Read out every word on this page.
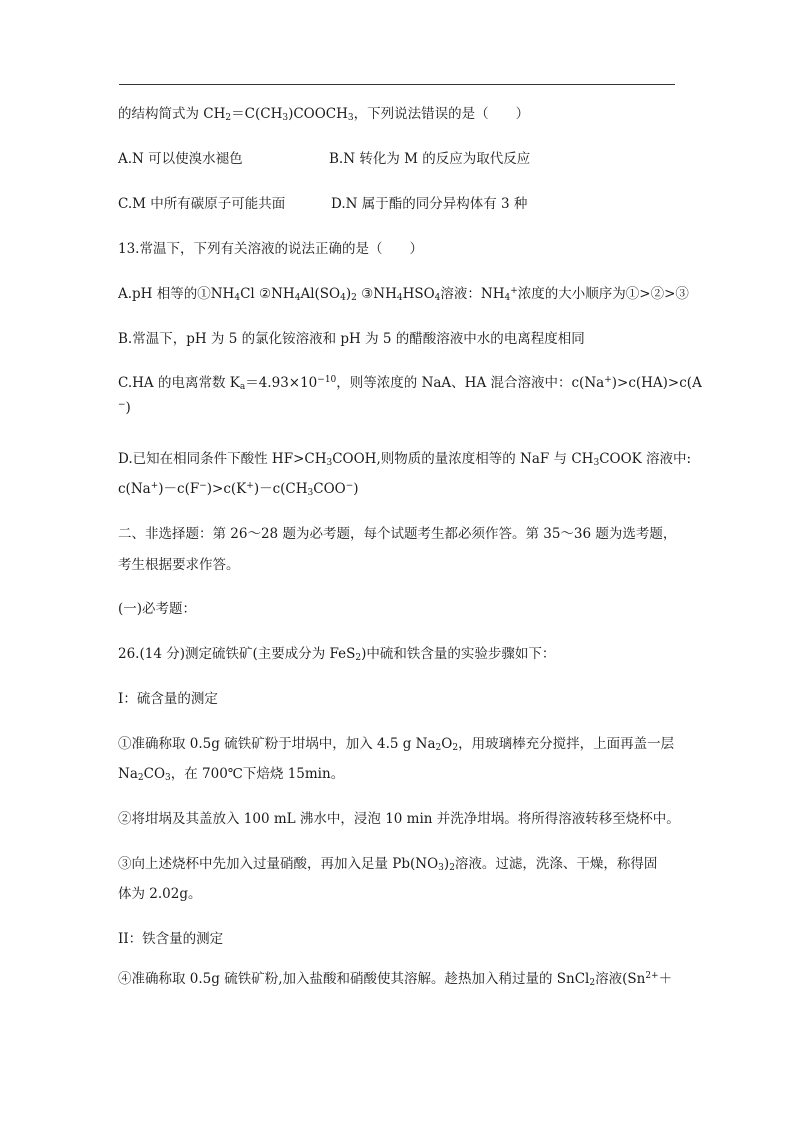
的结构简式为 $CH_2=C(CH_3)COOCH_3$，下列说法错误的是（　　）
A.N 可以使溴水褪色	B.N 转化为 M 的反应为取代反应
C.M 中所有碳原子可能共面	D.N 属于酯的同分异构体有 3 种
13.常温下，下列有关溶液的说法正确的是（　　）
A.pH 相等的$①NH_4Cl$ $②NH_4Al(SO_4)_2$ $③NH_4HSO_4$溶液：$NH_4^+$浓度的大小顺序为①>②>③
B.常温下，pH 为 5 的氯化铵溶液和 pH 为 5 的醋酸溶液中水的电离程度相同
C.HA 的电离常数 $K_a=4.93\times 10^{-10}$，则等浓度的 NaA、HA 混合溶液中：c(Na+)>c(HA)>c(A
−)
D.已知在相同条件下酸性 $HF>CH_3COOH$,则物质的量浓度相等的 NaF 与 $CH_3COOK$ 溶液中:
$c(Na^+)-c(F^-)>c(K^+)-c(CH_3COO^-)$
二、非选择题：第 26～28 题为必考题，每个试题考生都必须作答。第 35～36 题为选考题，
考生根据要求作答。
(一)必考题：
26.(14 分)测定硫铁矿(主要成分为 FeS$_2$)中硫和铁含量的实验步骤如下：
I：硫含量的测定
①准确称取 0.5g 硫铁矿粉于坩埚中，加入 4.5 g $Na_2O_2$，用玻璃棒充分搅拌，上面再盖一层
$Na_2CO_3$，在 700℃下焙烧 15min。
②将坩埚及其盖放入 100 mL 沸水中，浸泡 10 min 并洗净坩埚。将所得溶液转移至烧杯中。
③向上述烧杯中先加入过量硝酸，再加入足量 $Pb(NO_3)_2$溶液。过滤，洗涤、干燥，称得固
体为 2.02g。
II：铁含量的测定
④准确称取 0.5g 硫铁矿粉,加入盐酸和硝酸使其溶解。趁热加入稍过量的 SnCl$_2$溶液($Sn^{2+}+$
